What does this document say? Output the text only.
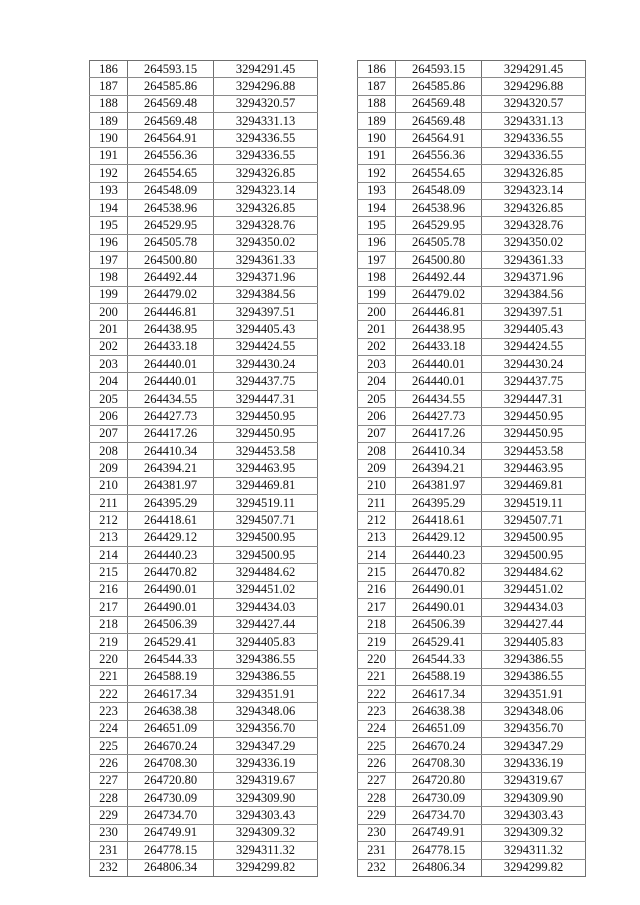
186	264593.15	3294291.45
187	264585.86	3294296.88
188	264569.48	3294320.57
189	264569.48	3294331.13
190	264564.91	3294336.55
191	264556.36	3294336.55
192	264554.65	3294326.85
193	264548.09	3294323.14
194	264538.96	3294326.85
195	264529.95	3294328.76
196	264505.78	3294350.02
197	264500.80	3294361.33
198	264492.44	3294371.96
199	264479.02	3294384.56
200	264446.81	3294397.51
201	264438.95	3294405.43
202	264433.18	3294424.55
203	264440.01	3294430.24
204	264440.01	3294437.75
205	264434.55	3294447.31
206	264427.73	3294450.95
207	264417.26	3294450.95
208	264410.34	3294453.58
209	264394.21	3294463.95
210	264381.97	3294469.81
211	264395.29	3294519.11
212	264418.61	3294507.71
213	264429.12	3294500.95
214	264440.23	3294500.95
215	264470.82	3294484.62
216	264490.01	3294451.02
217	264490.01	3294434.03
218	264506.39	3294427.44
219	264529.41	3294405.83
220	264544.33	3294386.55
221	264588.19	3294386.55
222	264617.34	3294351.91
223	264638.38	3294348.06
224	264651.09	3294356.70
225	264670.24	3294347.29
226	264708.30	3294336.19
227	264720.80	3294319.67
228	264730.09	3294309.90
229	264734.70	3294303.43
230	264749.91	3294309.32
231	264778.15	3294311.32
232	264806.34	3294299.82
186	264593.15	3294291.45
187	264585.86	3294296.88
188	264569.48	3294320.57
189	264569.48	3294331.13
190	264564.91	3294336.55
191	264556.36	3294336.55
192	264554.65	3294326.85
193	264548.09	3294323.14
194	264538.96	3294326.85
195	264529.95	3294328.76
196	264505.78	3294350.02
197	264500.80	3294361.33
198	264492.44	3294371.96
199	264479.02	3294384.56
200	264446.81	3294397.51
201	264438.95	3294405.43
202	264433.18	3294424.55
203	264440.01	3294430.24
204	264440.01	3294437.75
205	264434.55	3294447.31
206	264427.73	3294450.95
207	264417.26	3294450.95
208	264410.34	3294453.58
209	264394.21	3294463.95
210	264381.97	3294469.81
211	264395.29	3294519.11
212	264418.61	3294507.71
213	264429.12	3294500.95
214	264440.23	3294500.95
215	264470.82	3294484.62
216	264490.01	3294451.02
217	264490.01	3294434.03
218	264506.39	3294427.44
219	264529.41	3294405.83
220	264544.33	3294386.55
221	264588.19	3294386.55
222	264617.34	3294351.91
223	264638.38	3294348.06
224	264651.09	3294356.70
225	264670.24	3294347.29
226	264708.30	3294336.19
227	264720.80	3294319.67
228	264730.09	3294309.90
229	264734.70	3294303.43
230	264749.91	3294309.32
231	264778.15	3294311.32
232	264806.34	3294299.82
